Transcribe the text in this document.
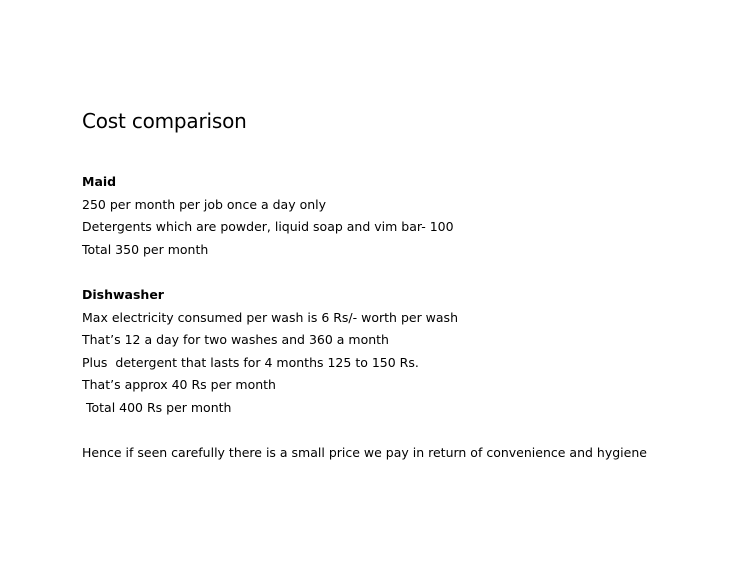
Cost comparison
Maid
250 per month per job once a day only
Detergents which are powder, liquid soap and vim bar- 100
Total 350 per month
Dishwasher
Max electricity consumed per wash is 6 Rs/- worth per wash
That’s 12 a day for two washes and 360 a month
Plus  detergent that lasts for 4 months 125 to 150 Rs.
That’s approx 40 Rs per month
Total 400 Rs per month
Hence if seen carefully there is a small price we pay in return of convenience and hygiene
